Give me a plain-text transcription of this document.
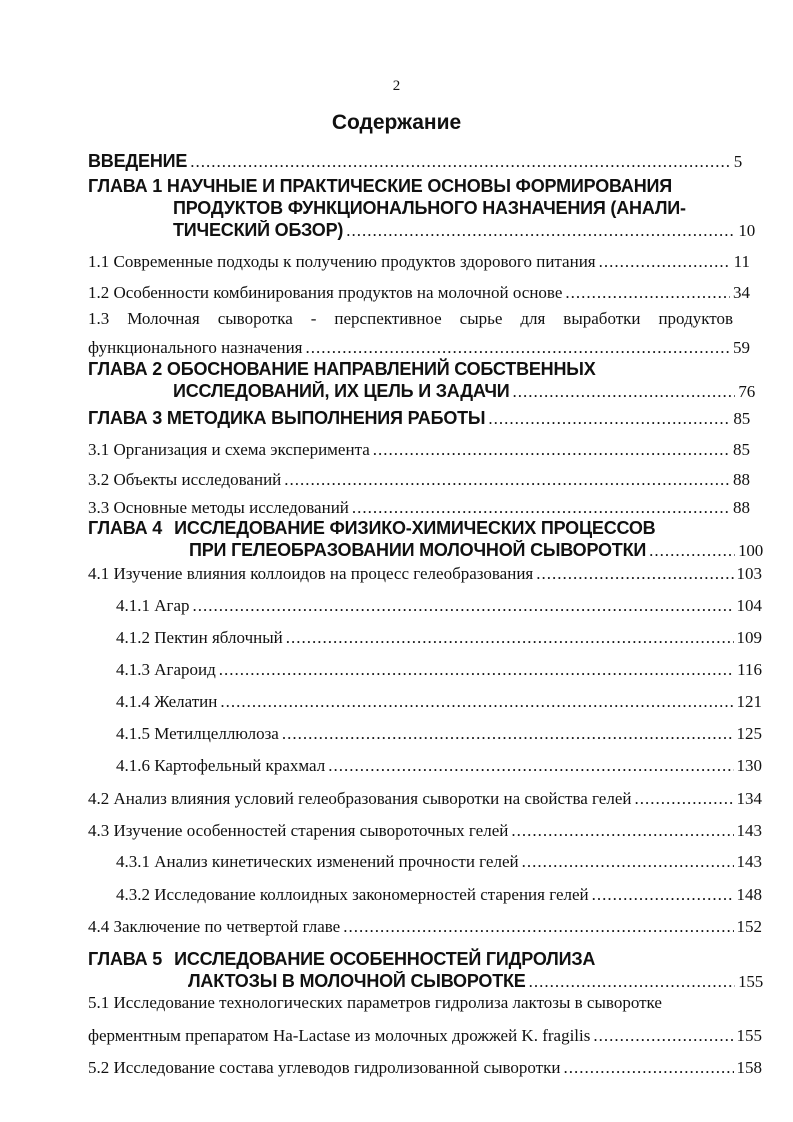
2
Содержание
ВВЕДЕНИЕ .....	5
ГЛАВА 1 НАУЧНЫЕ И ПРАКТИЧЕСКИЕ ОСНОВЫ ФОРМИРОВАНИЯ
ПРОДУКТОВ ФУНКЦИОНАЛЬНОГО НАЗНАЧЕНИЯ (АНАЛИ-
ТИЧЕСКИЙ ОБЗОР) .....	10
1.1 Современные подходы к получению продуктов здорового питания .....	11
1.2 Особенности комбинирования продуктов на молочной основе .....	34
1.3 Молочная сыворотка - перспективное сырье для выработки продуктов
функционального назначения .....	59
ГЛАВА 2 ОБОСНОВАНИЕ НАПРАВЛЕНИЙ СОБСТВЕННЫХ
ИССЛЕДОВАНИЙ, ИХ ЦЕЛЬ И ЗАДАЧИ .....	76
ГЛАВА 3 МЕТОДИКА ВЫПОЛНЕНИЯ РАБОТЫ .....	85
3.1 Организация и схема эксперимента .....	85
3.2 Объекты исследований .....	88
3.3 Основные методы исследований .....	88
ГЛАВА 4 ИССЛЕДОВАНИЕ ФИЗИКО-ХИМИЧЕСКИХ ПРОЦЕССОВ
ПРИ ГЕЛЕОБРАЗОВАНИИ МОЛОЧНОЙ СЫВОРОТКИ .....	100
4.1 Изучение влияния коллоидов на процесс гелеобразования .....	103
4.1.1 Агар .....	104
4.1.2 Пектин яблочный .....	109
4.1.3 Агароид .....	116
4.1.4 Желатин .....	121
4.1.5 Метилцеллюлоза .....	125
4.1.6 Картофельный крахмал .....	130
4.2 Анализ влияния условий гелеобразования сыворотки на свойства гелей .....	134
4.3 Изучение особенностей старения сывороточных гелей .....	143
4.3.1 Анализ кинетических изменений прочности гелей .....	143
4.3.2 Исследование коллоидных закономерностей старения гелей .....	148
4.4 Заключение по четвертой главе .....	152
ГЛАВА 5 ИССЛЕДОВАНИЕ ОСОБЕННОСТЕЙ ГИДРОЛИЗА
ЛАКТОЗЫ В МОЛОЧНОЙ СЫВОРОТКЕ .....	155
5.1 Исследование технологических параметров гидролиза лактозы в сыворотке
ферментным препаратом Ha-Lactase из молочных дрожжей K. fragilis .....	155
5.2 Исследование состава углеводов гидролизованной сыворотки .....	158
